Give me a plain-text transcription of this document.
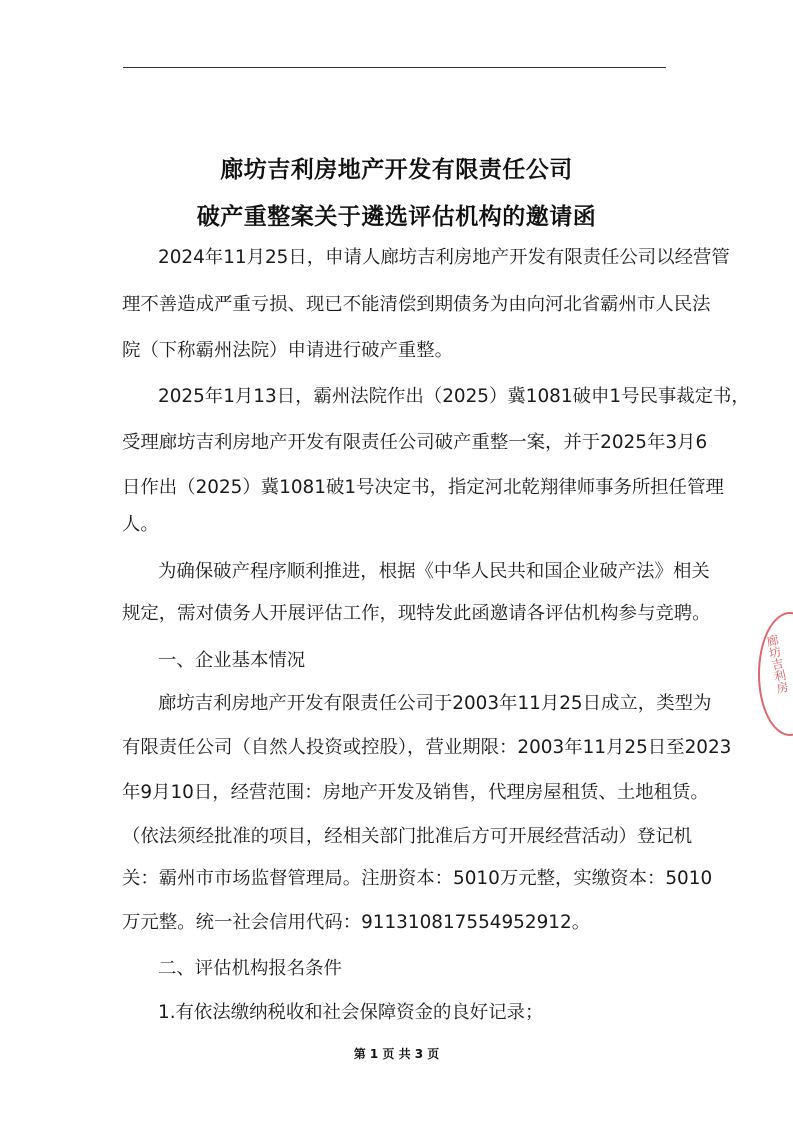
廊坊吉利房地产开发有限责任公司
破产重整案关于遴选评估机构的邀请函
2024年11月25日，申请人廊坊吉利房地产开发有限责任公司以经营管
理不善造成严重亏损、现已不能清偿到期债务为由向河北省霸州市人民法
院（下称霸州法院）申请进行破产重整。
2025年1月13日，霸州法院作出（2025）冀1081破申1号民事裁定书，
受理廊坊吉利房地产开发有限责任公司破产重整一案，并于2025年3月6
日作出（2025）冀1081破1号决定书，指定河北乾翔律师事务所担任管理
人。
为确保破产程序顺利推进，根据《中华人民共和国企业破产法》相关
规定，需对债务人开展评估工作，现特发此函邀请各评估机构参与竞聘。
一、企业基本情况
廊坊吉利房地产开发有限责任公司于2003年11月25日成立，类型为
有限责任公司（自然人投资或控股），营业期限：2003年11月25日至2023
年9月10日，经营范围：房地产开发及销售，代理房屋租赁、土地租赁。
（依法须经批准的项目，经相关部门批准后方可开展经营活动）登记机
关：霸州市市场监督管理局。注册资本：5010万元整，实缴资本：5010
万元整。统一社会信用代码：911310817554952912。
二、评估机构报名条件
1.有依法缴纳税收和社会保障资金的良好记录；
第 1 页 共 3 页
廊坊吉利房
